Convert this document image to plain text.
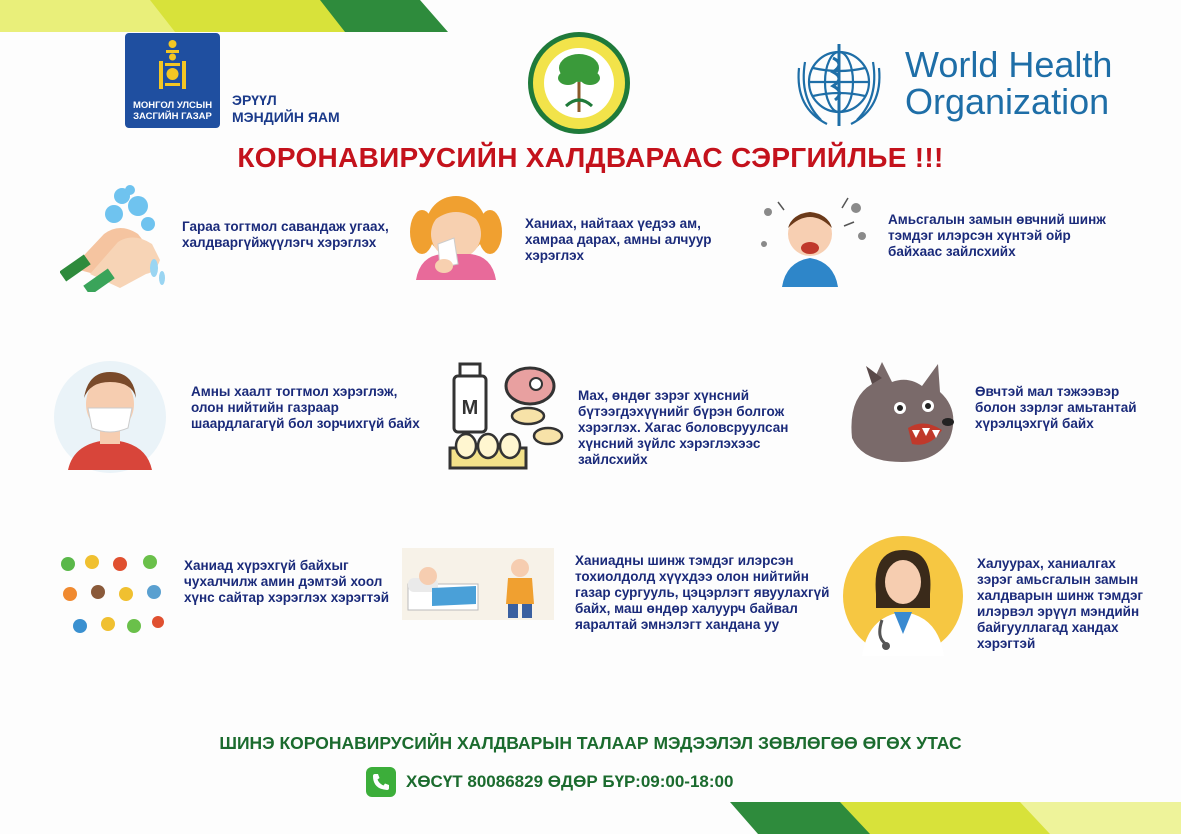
МОНГОЛ УЛСЫН
ЗАСГИЙН ГАЗАР
ЭРҮҮЛ
МЭНДИЙН ЯАМ
World Health
Organization
КОРОНАВИРУСИЙН ХАЛДВАРААС СЭРГИЙЛЬЕ !!!
Гараа тогтмол савандаж угаах, халдваргүйжүүлэгч хэрэглэх
Ханиах, найтаах үедээ ам, хамраа дарах, амны алчуур хэрэглэх
Амьсгалын замын өвчний шинж тэмдэг илэрсэн хүнтэй ойр байхаас зайлсхийх
Амны хаалт тогтмол хэрэглэж, олон нийтийн газраар шаардлагагүй бол зорчихгүй байх
M
Мах, өндөг зэрэг хүнсний бүтээгдэхүүнийг бүрэн болгож хэрэглэх. Хагас боловсруулсан хүнсний зүйлс хэрэглэхээс зайлсхийх
Өвчтэй мал тэжээвэр болон зэрлэг амьтантай хүрэлцэхгүй байх
Ханиад хүрэхгүй байхыг чухалчилж амин дэмтэй хоол хүнс сайтар хэрэглэх хэрэгтэй
Ханиадны шинж тэмдэг илэрсэн тохиолдолд хүүхдээ олон нийтийн газар сургууль, цэцэрлэгт явуулахгүй байх, маш өндөр халуурч байвал яаралтай эмнэлэгт хандана уу
Халуурах, ханиалгах зэрэг амьсгалын замын халдварын шинж тэмдэг илэрвэл эрүүл мэндийн байгууллагад хандах хэрэгтэй
ШИНЭ КОРОНАВИРУСИЙН ХАЛДВАРЫН ТАЛААР МЭДЭЭЛЭЛ ЗӨВЛӨГӨӨ ӨГӨХ УТАС
ХӨСҮТ 80086829 ӨДӨР БҮР:09:00-18:00
